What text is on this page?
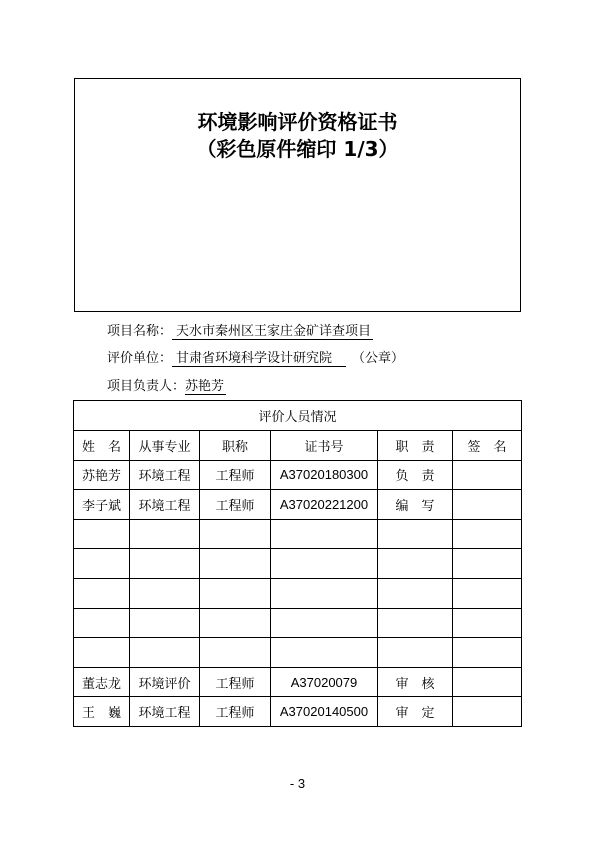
环境影响评价资格证书
（彩色原件缩印 1/3）
项目名称： 天水市秦州区王家庄金矿详查项目
评价单位： 甘肃省环境科学设计研究院 （公章）
项目负责人：苏艳芳
评价人员情况					
姓　名	从事专业	职称	证书号	职　责	签　名
苏艳芳	环境工程	工程师	A37020180300	负　责	
李子斌	环境工程	工程师	A37020221200	编　写	

董志龙	环境评价	工程师	A37020079	审　核	
王　巍	环境工程	工程师	A37020140500	审　定	
- 3
